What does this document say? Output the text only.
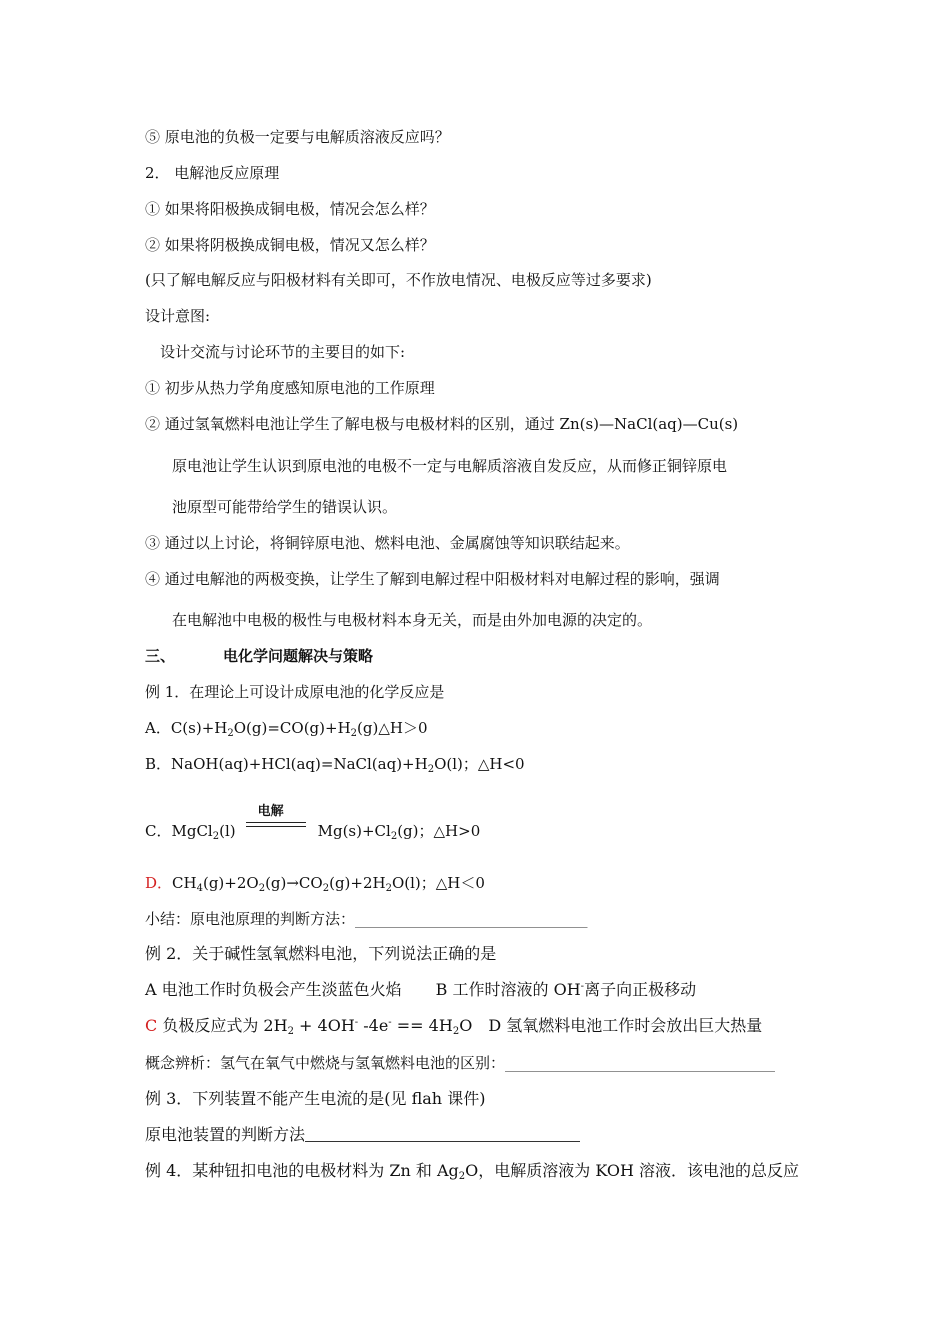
⑤ 原电池的负极一定要与电解质溶液反应吗？
2． 电解池反应原理
① 如果将阳极换成铜电极，情况会怎么样？
② 如果将阴极换成铜电极，情况又怎么样？
(只了解电解反应与阳极材料有关即可，不作放电情况、电极反应等过多要求)
设计意图:
设计交流与讨论环节的主要目的如下:
① 初步从热力学角度感知原电池的工作原理
② 通过氢氧燃料电池让学生了解电极与电极材料的区别，通过 Zn(s)—NaCl(aq)—Cu(s)
原电池让学生认识到原电池的电极不一定与电解质溶液自发反应，从而修正铜锌原电
池原型可能带给学生的错误认识。
③ 通过以上讨论，将铜锌原电池、燃料电池、金属腐蚀等知识联结起来。
④ 通过电解池的两极变换，让学生了解到电解过程中阳极材料对电解过程的影响，强调
在电解池中电极的极性与电极材料本身无关，而是由外加电源的决定的。
三、	电化学问题解决与策略
例 1．在理论上可设计成原电池的化学反应是
A．$C(s)+H_2O(g)=CO(g)+H_2(g)\triangle H>0$
B．$NaOH(aq)+HCl(aq)=NaCl(aq)+H_2O(l)$；△H<0
C．MgCl$_2$(l)
电解
$Mg(s)+Cl_2(g)$；△H>0
D．$CH_4(g)+2O_2(g)\to CO_2(g)+2H_2O(l)$；△H＜0
小结：原电池原理的判断方法：_______________________________
例 2．关于碱性氢氧燃料电池，下列说法正确的是
A 电池工作时负极会产生淡蓝色火焰 B 工作时溶液的 OH-离子向正极移动
C 负极反应式为 $2H_2 + 4OH^-$ $-4e^- == 4H_2O$ D 氢氧燃料电池工作时会放出巨大热量
概念辨析：氢气在氧气中燃烧与氢氧燃料电池的区别：____________________________________
例 3．下列装置不能产生电流的是(见 flah 课件)
原电池装置的判断方法
例 4．某种钮扣电池的电极材料为 Zn 和 $Ag_2O$，电解质溶液为 KOH 溶液．该电池的总反应
